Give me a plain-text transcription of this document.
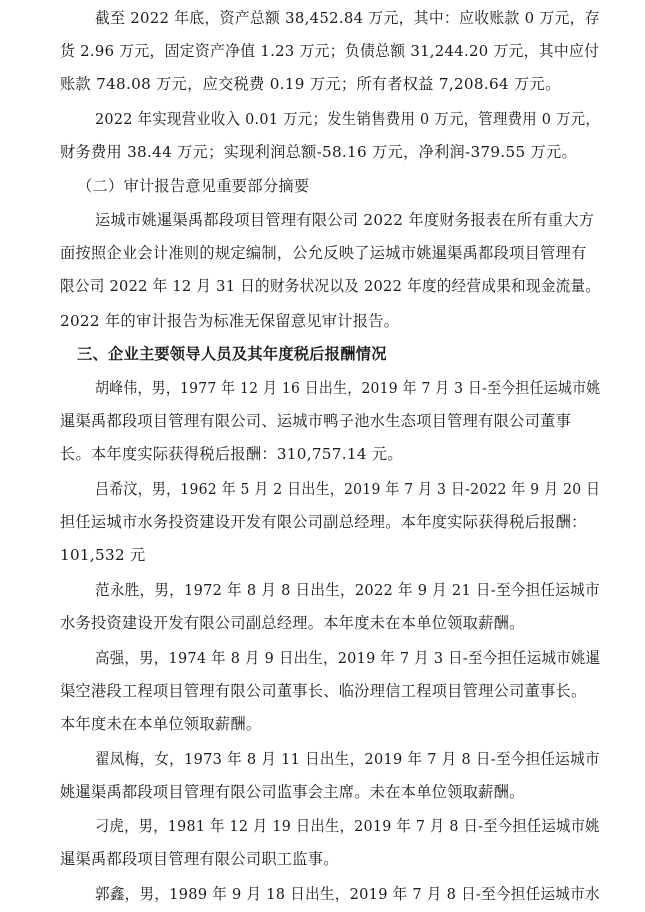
截至 2022 年底，资产总额 38,452.84 万元，其中：应收账款 0 万元，存
货 2.96 万元，固定资产净值 1.23 万元；负债总额 31,244.20 万元，其中应付
账款 748.08 万元，应交税费 0.19 万元；所有者权益 7,208.64 万元。
2022 年实现营业收入 0.01 万元；发生销售费用 0 万元，管理费用 0 万元，
财务费用 38.44 万元；实现利润总额-58.16 万元，净利润-379.55 万元。
（二）审计报告意见重要部分摘要
运城市姚暹渠禹都段项目管理有限公司 2022 年度财务报表在所有重大方
面按照企业会计准则的规定编制，公允反映了运城市姚暹渠禹都段项目管理有
限公司 2022 年 12 月 31 日的财务状况以及 2022 年度的经营成果和现金流量。
2022 年的审计报告为标准无保留意见审计报告。
三、企业主要领导人员及其年度税后报酬情况
胡峰伟，男，1977 年 12 月 16 日出生，2019 年 7 月 3 日-至今担任运城市姚
暹渠禹都段项目管理有限公司、运城市鸭子池水生态项目管理有限公司董事
长。本年度实际获得税后报酬：310,757.14 元。
吕希汶，男，1962 年 5 月 2 日出生，2019 年 7 月 3 日-2022 年 9 月 20 日
担任运城市水务投资建设开发有限公司副总经理。本年度实际获得税后报酬：
101,532 元
范永胜，男，1972 年 8 月 8 日出生，2022 年 9 月 21 日-至今担任运城市
水务投资建设开发有限公司副总经理。本年度未在本单位领取薪酬。
高强，男，1974 年 8 月 9 日出生，2019 年 7 月 3 日-至今担任运城市姚暹
渠空港段工程项目管理有限公司董事长、临汾理信工程项目管理公司董事长。
本年度未在本单位领取薪酬。
翟凤梅，女，1973 年 8 月 11 日出生，2019 年 7 月 8 日-至今担任运城市
姚暹渠禹都段项目管理有限公司监事会主席。未在本单位领取薪酬。
刁虎，男，1981 年 12 月 19 日出生，2019 年 7 月 8 日-至今担任运城市姚
暹渠禹都段项目管理有限公司职工监事。
郭鑫，男，1989 年 9 月 18 日出生，2019 年 7 月 8 日-至今担任运城市水
